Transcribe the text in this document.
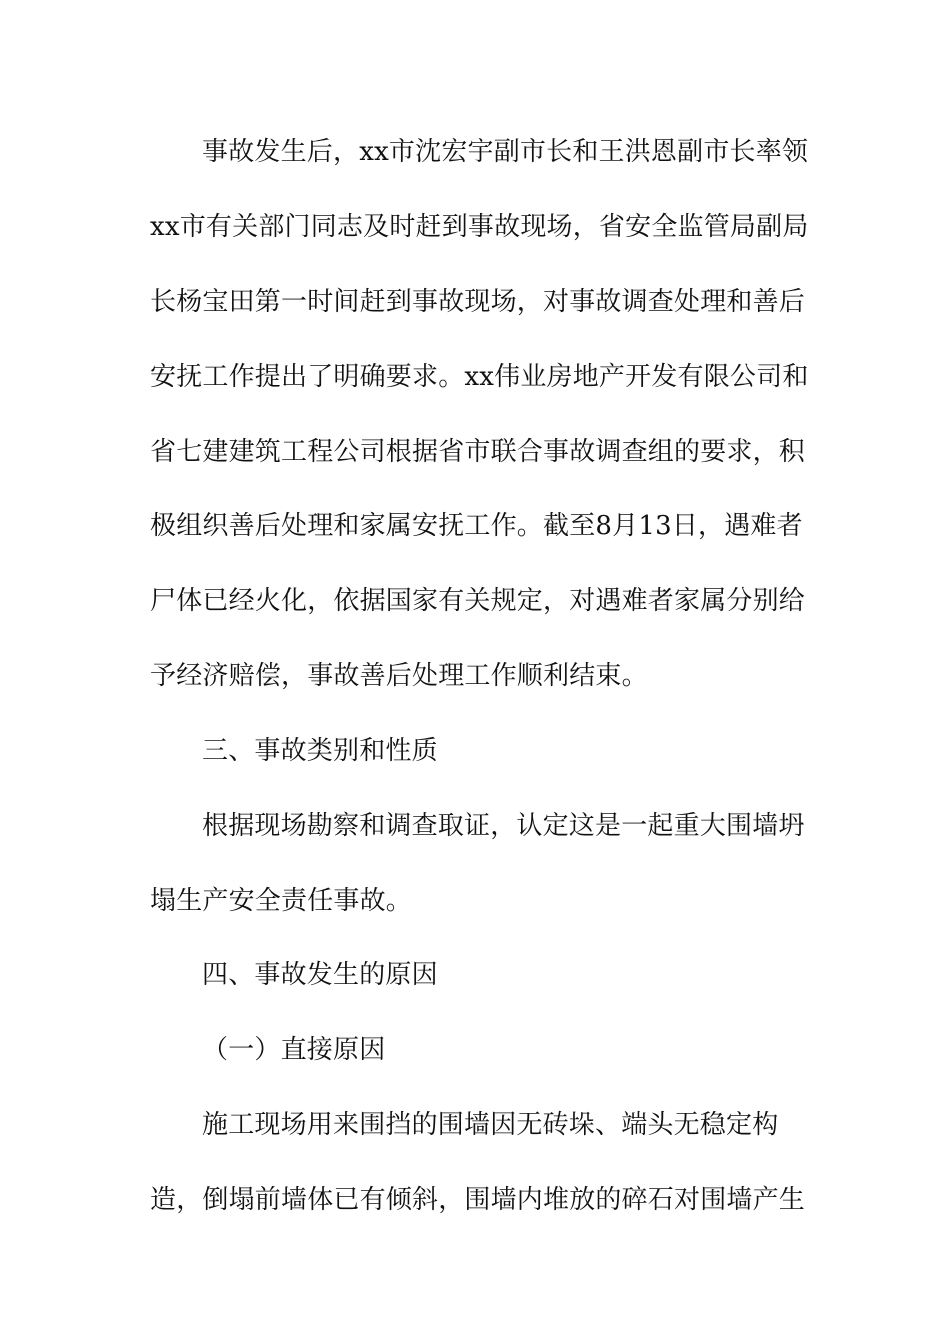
事故发生后，xx市沈宏宇副市长和王洪恩副市长率领
xx市有关部门同志及时赶到事故现场，省安全监管局副局
长杨宝田第一时间赶到事故现场，对事故调查处理和善后
安抚工作提出了明确要求。xx伟业房地产开发有限公司和
省七建建筑工程公司根据省市联合事故调查组的要求，积
极组织善后处理和家属安抚工作。截至8月13日，遇难者
尸体已经火化，依据国家有关规定，对遇难者家属分别给
予经济赔偿，事故善后处理工作顺利结束。
三、事故类别和性质
根据现场勘察和调查取证，认定这是一起重大围墙坍
塌生产安全责任事故。
四、事故发生的原因
（一）直接原因
施工现场用来围挡的围墙因无砖垛、端头无稳定构
造，倒塌前墙体已有倾斜，围墙内堆放的碎石对围墙产生
